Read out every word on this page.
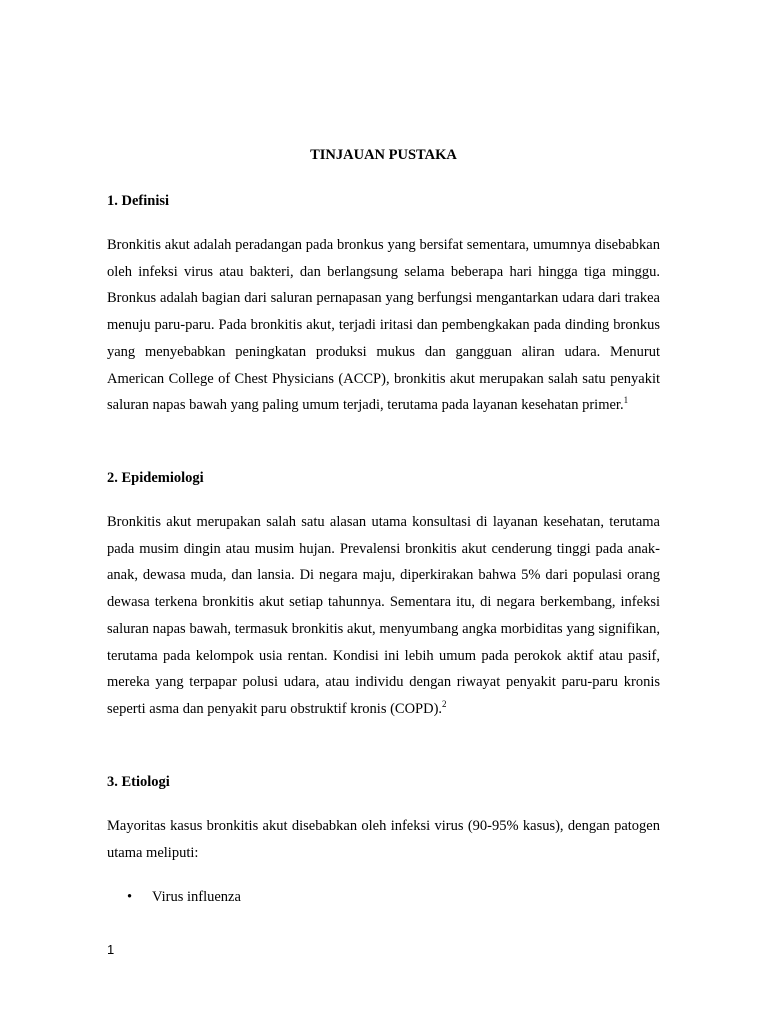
TINJAUAN PUSTAKA
1. Definisi

Bronkitis akut adalah peradangan pada bronkus yang bersifat sementara, umumnya disebabkan oleh infeksi virus atau bakteri, dan berlangsung selama beberapa hari hingga tiga minggu. Bronkus adalah bagian dari saluran pernapasan yang berfungsi mengantarkan udara dari trakea menuju paru-paru. Pada bronkitis akut, terjadi iritasi dan pembengkakan pada dinding bronkus yang menyebabkan peningkatan produksi mukus dan gangguan aliran udara. Menurut American College of Chest Physicians (ACCP), bronkitis akut merupakan salah satu penyakit saluran napas bawah yang paling umum terjadi, terutama pada layanan kesehatan primer.$^1$

2. Epidemiologi

Bronkitis akut merupakan salah satu alasan utama konsultasi di layanan kesehatan, terutama pada musim dingin atau musim hujan. Prevalensi bronkitis akut cenderung tinggi pada anak-anak, dewasa muda, dan lansia. Di negara maju, diperkirakan bahwa 5% dari populasi orang dewasa terkena bronkitis akut setiap tahunnya. Sementara itu, di negara berkembang, infeksi saluran napas bawah, termasuk bronkitis akut, menyumbang angka morbiditas yang signifikan, terutama pada kelompok usia rentan. Kondisi ini lebih umum pada perokok aktif atau pasif, mereka yang terpapar polusi udara, atau individu dengan riwayat penyakit paru-paru kronis seperti asma dan penyakit paru obstruktif kronis (COPD).$^2$

3. Etiologi

Mayoritas kasus bronkitis akut disebabkan oleh infeksi virus (90-95% kasus), dengan patogen utama meliputi:

• Virus influenza
1
